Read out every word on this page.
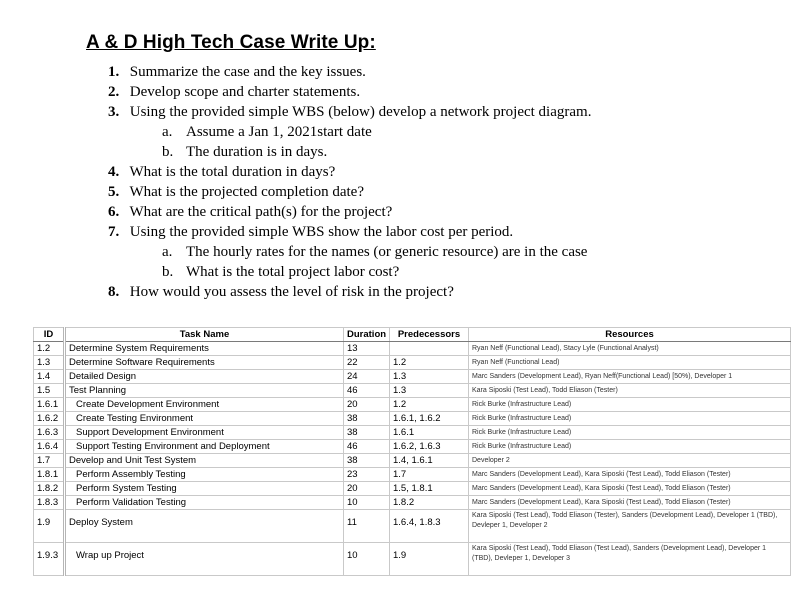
A & D High Tech Case Write Up:
1. Summarize the case and the key issues.
2. Develop scope and charter statements.
3. Using the provided simple WBS (below) develop a network project diagram.
a. Assume a Jan 1, 2021start date
b. The duration is in days.
4. What is the total duration in days?
5. What is the projected completion date?
6. What are the critical path(s) for the project?
7. Using the provided simple WBS show the labor cost per period.
a. The hourly rates for the names (or generic resource) are in the case
b. What is the total project labor cost?
8. How would you assess the level of risk in the project?
ID	Task Name	Duration	Predecessors	Resources
1.2	Determine System Requirements	13		Ryan Neff (Functional Lead), Stacy Lyle (Functional Analyst)
1.3	Determine Software Requirements	22	1.2	Ryan Neff (Functional Lead)
1.4	Detailed Design	24	1.3	Marc Sanders (Development Lead), Ryan Neff(Functional Lead) [50%), Developer 1
1.5	Test Planning	46	1.3	Kara Siposki (Test Lead), Todd Eliason (Tester)
1.6.1	Create Development Environment	20	1.2	Rick Burke (Infrastructure Lead)
1.6.2	Create Testing Environment	38	1.6.1, 1.6.2	Rick Burke (Infrastructure Lead)
1.6.3	Support Development Environment	38	1.6.1	Rick Burke (Infrastructure Lead)
1.6.4	Support Testing Environment and Deployment	46	1.6.2, 1.6.3	Rick Burke (Infrastructure Lead)
1.7	Develop and Unit Test System	38	1.4, 1.6.1	Developer 2
1.8.1	Perform Assembly Testing	23	1.7	Marc Sanders (Development Lead), Kara Siposki (Test Lead), Todd Eliason (Tester)
1.8.2	Perform System Testing	20	1.5, 1.8.1	Marc Sanders (Development Lead), Kara Siposki (Test Lead), Todd Eliason (Tester)
1.8.3	Perform Validation Testing	10	1.8.2	Marc Sanders (Development Lead), Kara Siposki (Test Lead), Todd Eliason (Tester)
1.9	Deploy System	11	1.6.4, 1.8.3	Kara Siposki (Test Lead), Todd Eliason (Tester), Sanders (Development Lead), Developer 1 (TBD), Devleper 1, Developer 2
1.9.3	Wrap up Project	10	1.9	Kara Siposki (Test Lead), Todd Eliason (Test Lead), Sanders (Development Lead), Developer 1 (TBD), Devleper 1, Developer 3
